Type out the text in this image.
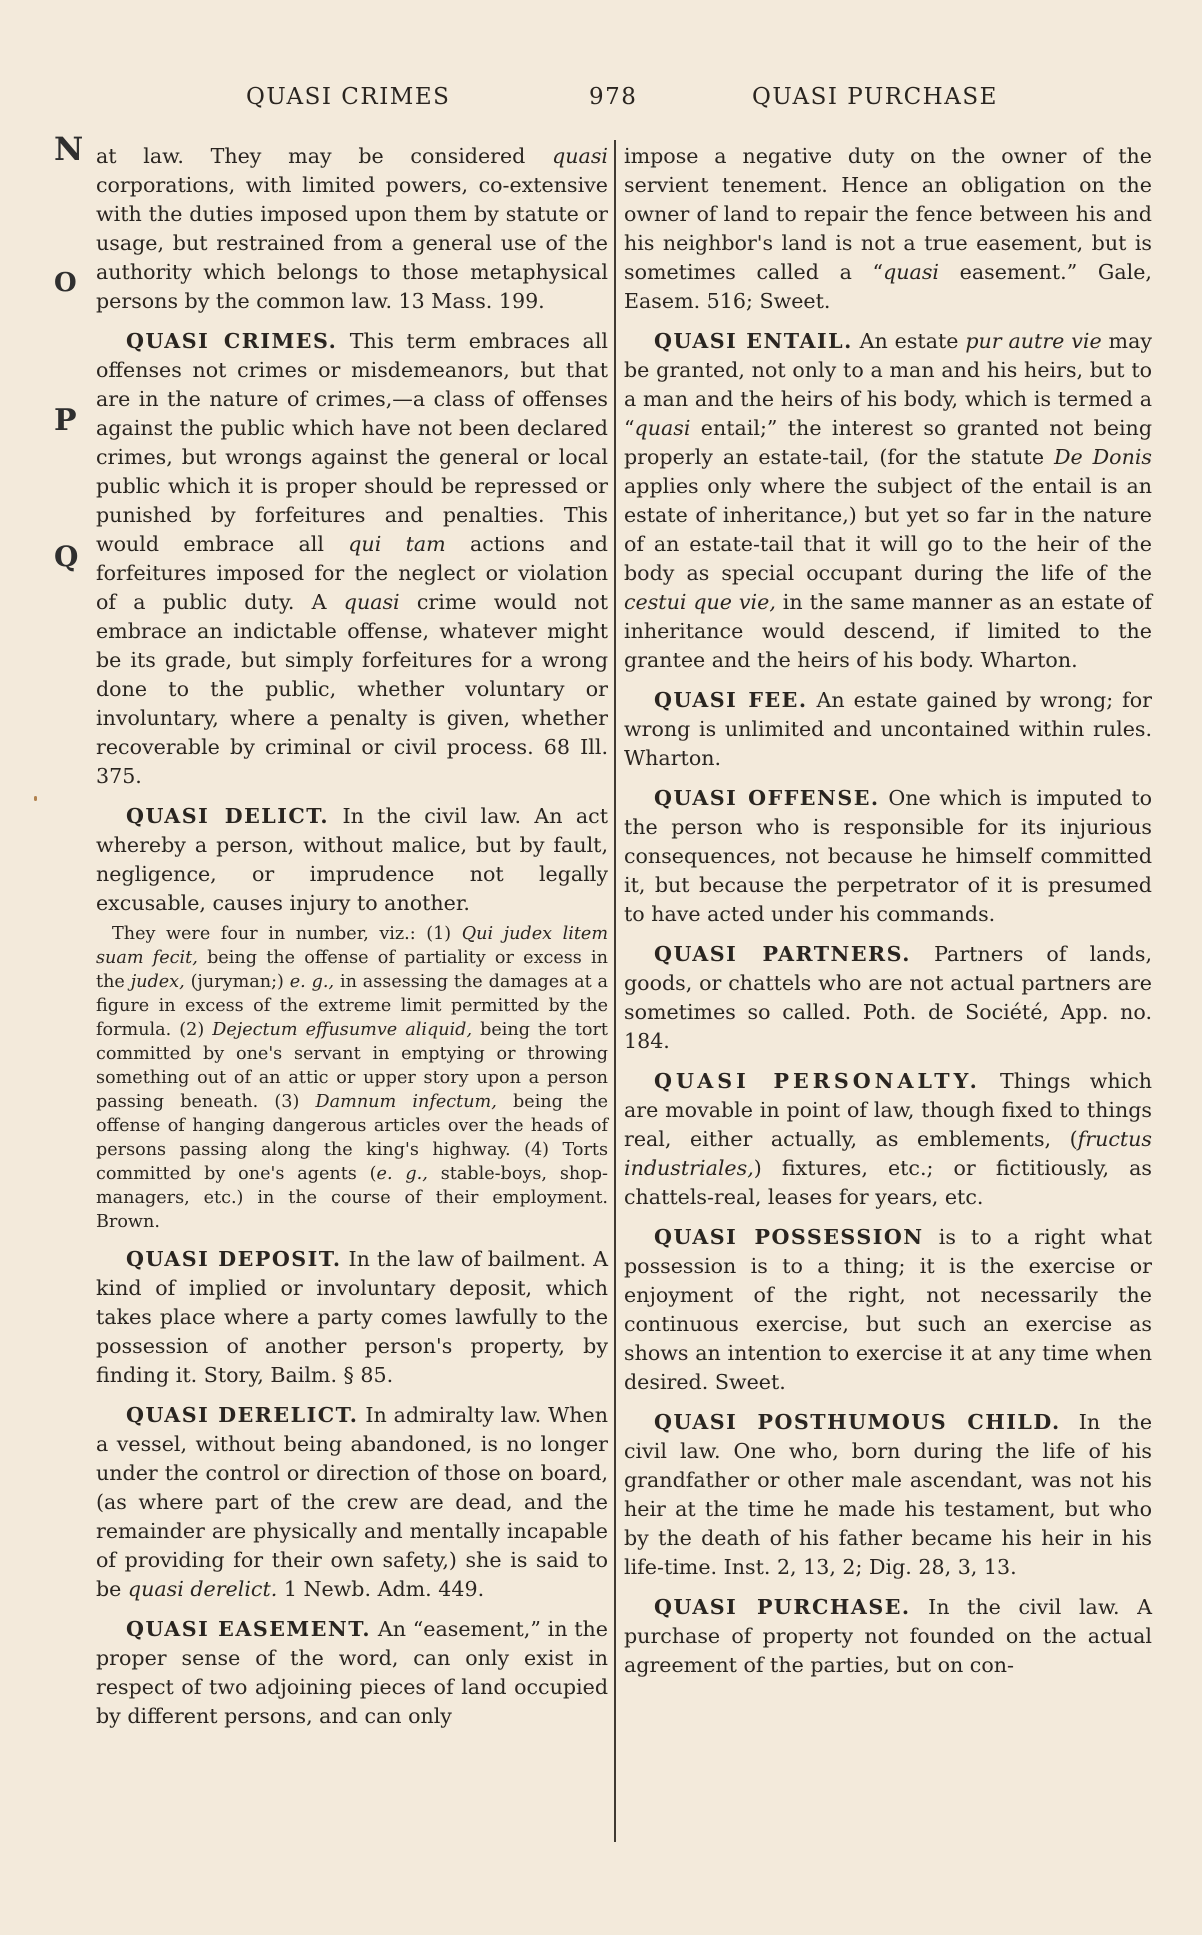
QUASI CRIMES	978	QUASI PURCHASE
N
O
P
Q

at law. They may be considered quasi corporations, with limited powers, co-extensive with the duties imposed upon them by statute or usage, but restrained from a general use of the authority which belongs to those metaphysical persons by the common law. 13 Mass. 199.

QUASI CRIMES. This term embraces all offenses not crimes or misdemeanors, but that are in the nature of crimes,—a class of offenses against the public which have not been declared crimes, but wrongs against the general or local public which it is proper should be repressed or punished by forfeitures and penalties. This would embrace all qui tam actions and forfeitures imposed for the neglect or violation of a public duty. A quasi crime would not embrace an indictable offense, whatever might be its grade, but simply forfeitures for a wrong done to the public, whether voluntary or involuntary, where a penalty is given, whether recoverable by criminal or civil process. 68 Ill. 375.

QUASI DELICT. In the civil law. An act whereby a person, without malice, but by fault, negligence, or imprudence not legally excusable, causes injury to another.

They were four in number, viz.: (1) Qui judex litem suam fecit, being the offense of partiality or excess in the judex, (juryman;) e. g., in assessing the damages at a figure in excess of the extreme limit permitted by the formula. (2) Dejectum effusumve aliquid, being the tort committed by one's servant in emptying or throwing something out of an attic or upper story upon a person passing beneath. (3) Damnum infectum, being the offense of hanging dangerous articles over the heads of persons passing along the king's highway. (4) Torts committed by one's agents (e. g., stable-boys, shop-managers, etc.) in the course of their employment. Brown.

QUASI DEPOSIT. In the law of bailment. A kind of implied or involuntary deposit, which takes place where a party comes lawfully to the possession of another person's property, by finding it. Story, Bailm. § 85.

QUASI DERELICT. In admiralty law. When a vessel, without being abandoned, is no longer under the control or direction of those on board, (as where part of the crew are dead, and the remainder are physically and mentally incapable of providing for their own safety,) she is said to be quasi derelict. 1 Newb. Adm. 449.

QUASI EASEMENT. An “easement,” in the proper sense of the word, can only exist in respect of two adjoining pieces of land occupied by different persons, and can only

impose a negative duty on the owner of the servient tenement. Hence an obligation on the owner of land to repair the fence between his and his neighbor's land is not a true easement, but is sometimes called a “quasi easement.” Gale, Easem. 516; Sweet.

QUASI ENTAIL. An estate pur autre vie may be granted, not only to a man and his heirs, but to a man and the heirs of his body, which is termed a “quasi entail;” the interest so granted not being properly an estate-tail, (for the statute De Donis applies only where the subject of the entail is an estate of inheritance,) but yet so far in the nature of an estate-tail that it will go to the heir of the body as special occupant during the life of the cestui que vie, in the same manner as an estate of inheritance would descend, if limited to the grantee and the heirs of his body. Wharton.

QUASI FEE. An estate gained by wrong; for wrong is unlimited and uncontained within rules. Wharton.

QUASI OFFENSE. One which is imputed to the person who is responsible for its injurious consequences, not because he himself committed it, but because the perpetrator of it is presumed to have acted under his commands.

QUASI PARTNERS. Partners of lands, goods, or chattels who are not actual partners are sometimes so called. Poth. de Société, App. no. 184.

QUASI PERSONALTY. Things which are movable in point of law, though fixed to things real, either actually, as emblements, (fructus industriales,) fixtures, etc.; or fictitiously, as chattels-real, leases for years, etc.

QUASI POSSESSION is to a right what possession is to a thing; it is the exercise or enjoyment of the right, not necessarily the continuous exercise, but such an exercise as shows an intention to exercise it at any time when desired. Sweet.

QUASI POSTHUMOUS CHILD. In the civil law. One who, born during the life of his grandfather or other male ascendant, was not his heir at the time he made his testament, but who by the death of his father became his heir in his life-time. Inst. 2, 13, 2; Dig. 28, 3, 13.

QUASI PURCHASE. In the civil law. A purchase of property not founded on the actual agreement of the parties, but on con-
